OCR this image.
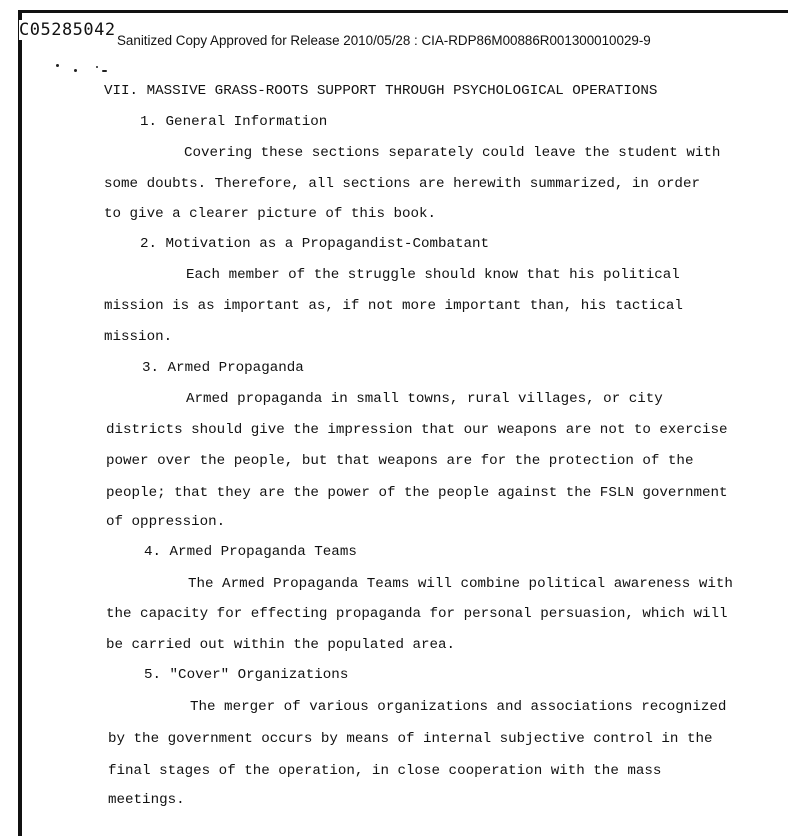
Sanitized Copy Approved for Release 2010/05/28 : CIA-RDP86M00886R001300010029-9
C05285042
VII. MASSIVE GRASS-ROOTS SUPPORT THROUGH PSYCHOLOGICAL OPERATIONS
1. General Information
Covering these sections separately could leave the student with
some doubts. Therefore, all sections are herewith summarized, in order
to give a clearer picture of this book.
2. Motivation as a Propagandist-Combatant
Each member of the struggle should know that his political
mission is as important as, if not more important than, his tactical
mission.
3. Armed Propaganda
Armed propaganda in small towns, rural villages, or city
districts should give the impression that our weapons are not to exercise
power over the people, but that weapons are for the protection of the
people; that they are the power of the people against the FSLN government
of oppression.
4. Armed Propaganda Teams
The Armed Propaganda Teams will combine political awareness with
the capacity for effecting propaganda for personal persuasion, which will
be carried out within the populated area.
5. "Cover" Organizations
The merger of various organizations and associations recognized
by the government occurs by means of internal subjective control in the
final stages of the operation, in close cooperation with the mass
meetings.
